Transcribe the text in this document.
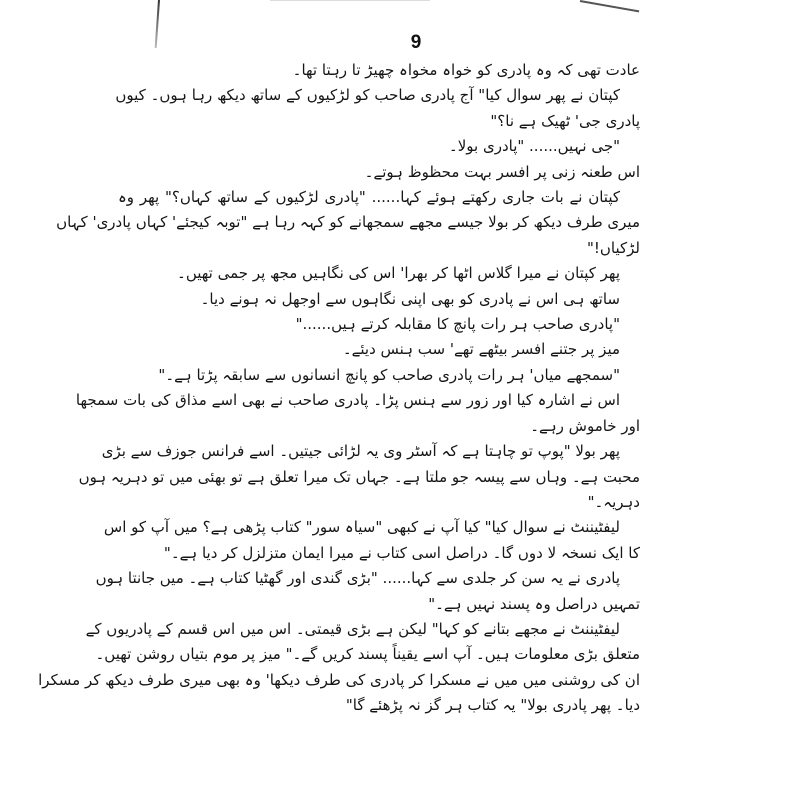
9
عادت تھی کہ وہ پادری کو خواہ مخواہ چھیڑ تا رہتا تھا۔
کپتان نے پھر سوال کیا" آج پادری صاحب کو لڑکیوں کے ساتھ دیکھ رہا ہوں۔ کیوں
پادری جی' ٹھیک ہے نا؟"
"جی نہیں...... "پادری بولا۔
اس طعنہ زنی پر افسر بہت محظوظ ہوتے۔
کپتان نے بات جاری رکھتے ہوئے کہا...... "پادری لڑکیوں کے ساتھ کہاں؟" پھر وہ
میری طرف دیکھ کر بولا جیسے مجھے سمجھانے کو کہہ رہا ہے "توبہ کیجئے' کہاں پادری' کہاں
لڑکیاں!"
پھر کپتان نے میرا گلاس اٹھا کر بھرا' اس کی نگاہیں مجھ پر جمی تھیں۔
ساتھ ہی اس نے پادری کو بھی اپنی نگاہوں سے اوجھل نہ ہونے دیا۔
"پادری صاحب ہر رات پانچ کا مقابلہ کرتے ہیں......"
میز پر جتنے افسر بیٹھے تھے' سب ہنس دیئے۔
"سمجھے میاں' ہر رات پادری صاحب کو پانچ انسانوں سے سابقہ پڑتا ہے۔"
اس نے اشارہ کیا اور زور سے ہنس پڑا۔ پادری صاحب نے بھی اسے مذاق کی بات سمجھا
اور خاموش رہے۔
پھر بولا "پوپ تو چاہتا ہے کہ آسٹر وی یہ لڑائی جیتیں۔ اسے فرانس جوزف سے بڑی
محبت ہے۔ وہاں سے پیسہ جو ملتا ہے۔ جہاں تک میرا تعلق ہے تو بھئی میں تو دہریہ ہوں
دہریہ۔"
لیفٹیننٹ نے سوال کیا" کیا آپ نے کبھی "سیاہ سور" کتاب پڑھی ہے؟ میں آپ کو اس
کا ایک نسخہ لا دوں گا۔ دراصل اسی کتاب نے میرا ایمان متزلزل کر دیا ہے۔"
پادری نے یہ سن کر جلدی سے کہا...... "بڑی گندی اور گھٹیا کتاب ہے۔ میں جانتا ہوں
تمہیں دراصل وہ پسند نہیں ہے۔"
لیفٹیننٹ نے مجھے بتانے کو کہا" لیکن ہے بڑی قیمتی۔ اس میں اس قسم کے پادریوں کے
متعلق بڑی معلومات ہیں۔ آپ اسے یقیناً پسند کریں گے۔" میز پر موم بتیاں روشن تھیں۔
ان کی روشنی میں میں نے مسکرا کر پادری کی طرف دیکھا' وہ بھی میری طرف دیکھ کر مسکرا
دیا۔ پھر پادری بولا" یہ کتاب ہر گز نہ پڑھئے گا"
